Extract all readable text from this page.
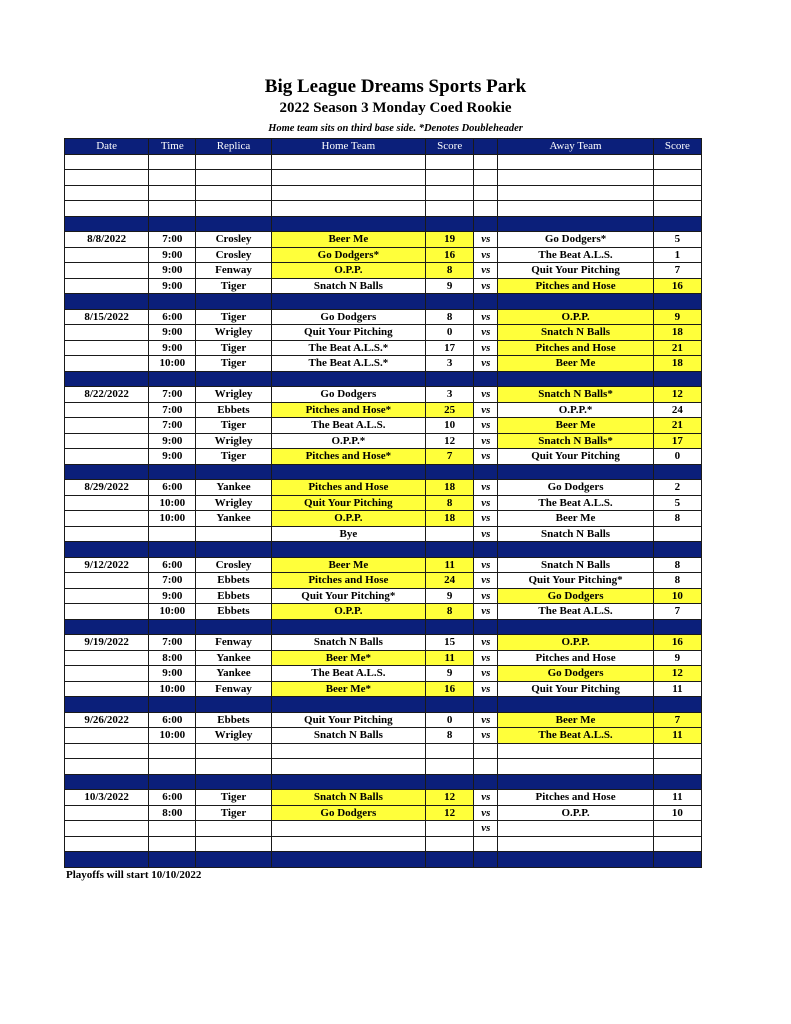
Big League Dreams Sports Park
2022 Season 3 Monday Coed Rookie
Home team sits on third base side. *Denotes Doubleheader
Date	Time	Replica	Home Team	Score		Away Team	Score

8/8/2022	7:00	Crosley	Beer Me	19	vs	Go Dodgers*	5
	9:00	Crosley	Go Dodgers*	16	vs	The Beat A.L.S.	1
	9:00	Fenway	O.P.P.	8	vs	Quit Your Pitching	7
	9:00	Tiger	Snatch N Balls	9	vs	Pitches and Hose	16

8/15/2022	6:00	Tiger	Go Dodgers	8	vs	O.P.P.	9
	9:00	Wrigley	Quit Your Pitching	0	vs	Snatch N Balls	18
	9:00	Tiger	The Beat A.L.S.*	17	vs	Pitches and Hose	21
	10:00	Tiger	The Beat A.L.S.*	3	vs	Beer Me	18

8/22/2022	7:00	Wrigley	Go Dodgers	3	vs	Snatch N Balls*	12
	7:00	Ebbets	Pitches and Hose*	25	vs	O.P.P.*	24
	7:00	Tiger	The Beat A.L.S.	10	vs	Beer Me	21
	9:00	Wrigley	O.P.P.*	12	vs	Snatch N Balls*	17
	9:00	Tiger	Pitches and Hose*	7	vs	Quit Your Pitching	0

8/29/2022	6:00	Yankee	Pitches and Hose	18	vs	Go Dodgers	2
	10:00	Wrigley	Quit Your Pitching	8	vs	The Beat A.L.S.	5
	10:00	Yankee	O.P.P.	18	vs	Beer Me	8
			Bye		vs	Snatch N Balls	

9/12/2022	6:00	Crosley	Beer Me	11	vs	Snatch N Balls	8
	7:00	Ebbets	Pitches and Hose	24	vs	Quit Your Pitching*	8
	9:00	Ebbets	Quit Your Pitching*	9	vs	Go Dodgers	10
	10:00	Ebbets	O.P.P.	8	vs	The Beat A.L.S.	7

9/19/2022	7:00	Fenway	Snatch N Balls	15	vs	O.P.P.	16
	8:00	Yankee	Beer Me*	11	vs	Pitches and Hose	9
	9:00	Yankee	The Beat A.L.S.	9	vs	Go Dodgers	12
	10:00	Fenway	Beer Me*	16	vs	Quit Your Pitching	11

9/26/2022	6:00	Ebbets	Quit Your Pitching	0	vs	Beer Me	7
	10:00	Wrigley	Snatch N Balls	8	vs	The Beat A.L.S.	11

10/3/2022	6:00	Tiger	Snatch N Balls	12	vs	Pitches and Hose	11
	8:00	Tiger	Go Dodgers	12	vs	O.P.P.	10
					vs		

Playoffs will start 10/10/2022
